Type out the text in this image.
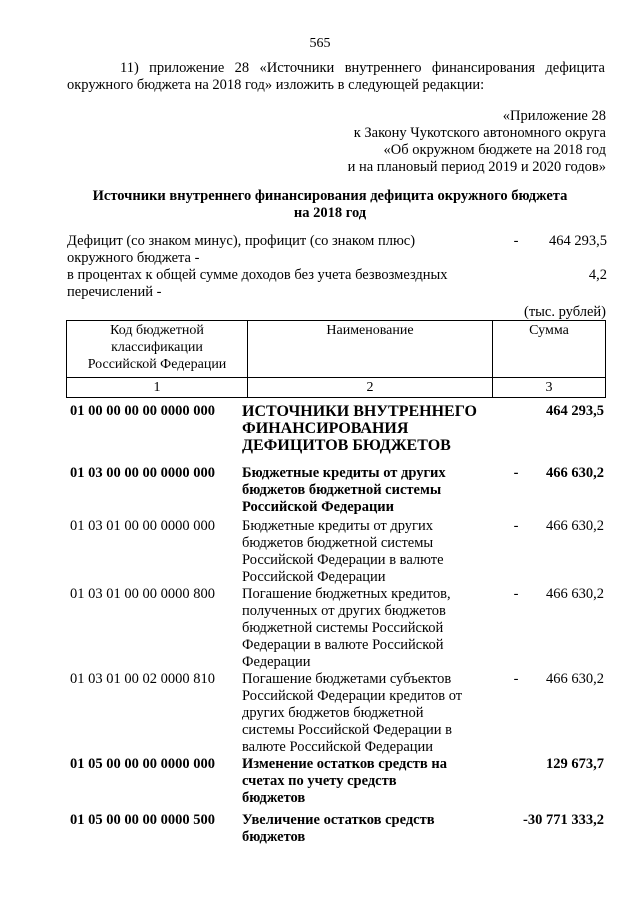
565
11) приложение 28 «Источники внутреннего финансирования дефицита
окружного бюджета на 2018 год» изложить в следующей редакции:
«Приложение 28
к Закону Чукотского автономного округа
«Об окружном бюджете на 2018 год
и на плановый период 2019 и 2020 годов»
Источники внутреннего финансирования дефицита окружного бюджета
на 2018 год
Дефицит (со знаком минус), профицит (со знаком плюс)
окружного бюджета -
- 464 293,5
в процентах к общей сумме доходов без учета безвозмездных
перечислений -
4,2
(тыс. рублей)
Код бюджетной
классификации
Российской Федерации	Наименование	Сумма
1	2	3
01 00 00 00 00 0000 000	ИСТОЧНИКИ ВНУТРЕННЕГО
ФИНАНСИРОВАНИЯ
ДЕФИЦИТОВ БЮДЖЕТОВ
464 293,5
01 03 00 00 00 0000 000	Бюджетные кредиты от других
бюджетов бюджетной системы
Российской Федерации
- 466 630,2
01 03 01 00 00 0000 000	Бюджетные кредиты от других
бюджетов бюджетной системы
Российской Федерации в валюте
Российской Федерации
- 466 630,2
01 03 01 00 00 0000 800	Погашение бюджетных кредитов,
полученных от других бюджетов
бюджетной системы Российской
Федерации в валюте Российской
Федерации
- 466 630,2
01 03 01 00 02 0000 810	Погашение бюджетами субъектов
Российской Федерации кредитов от
других бюджетов бюджетной
системы Российской Федерации в
валюте Российской Федерации
- 466 630,2
01 05 00 00 00 0000 000	Изменение остатков средств на
счетах по учету средств
бюджетов
129 673,7
01 05 00 00 00 0000 500	Увеличение остатков средств
бюджетов
-30 771 333,2
